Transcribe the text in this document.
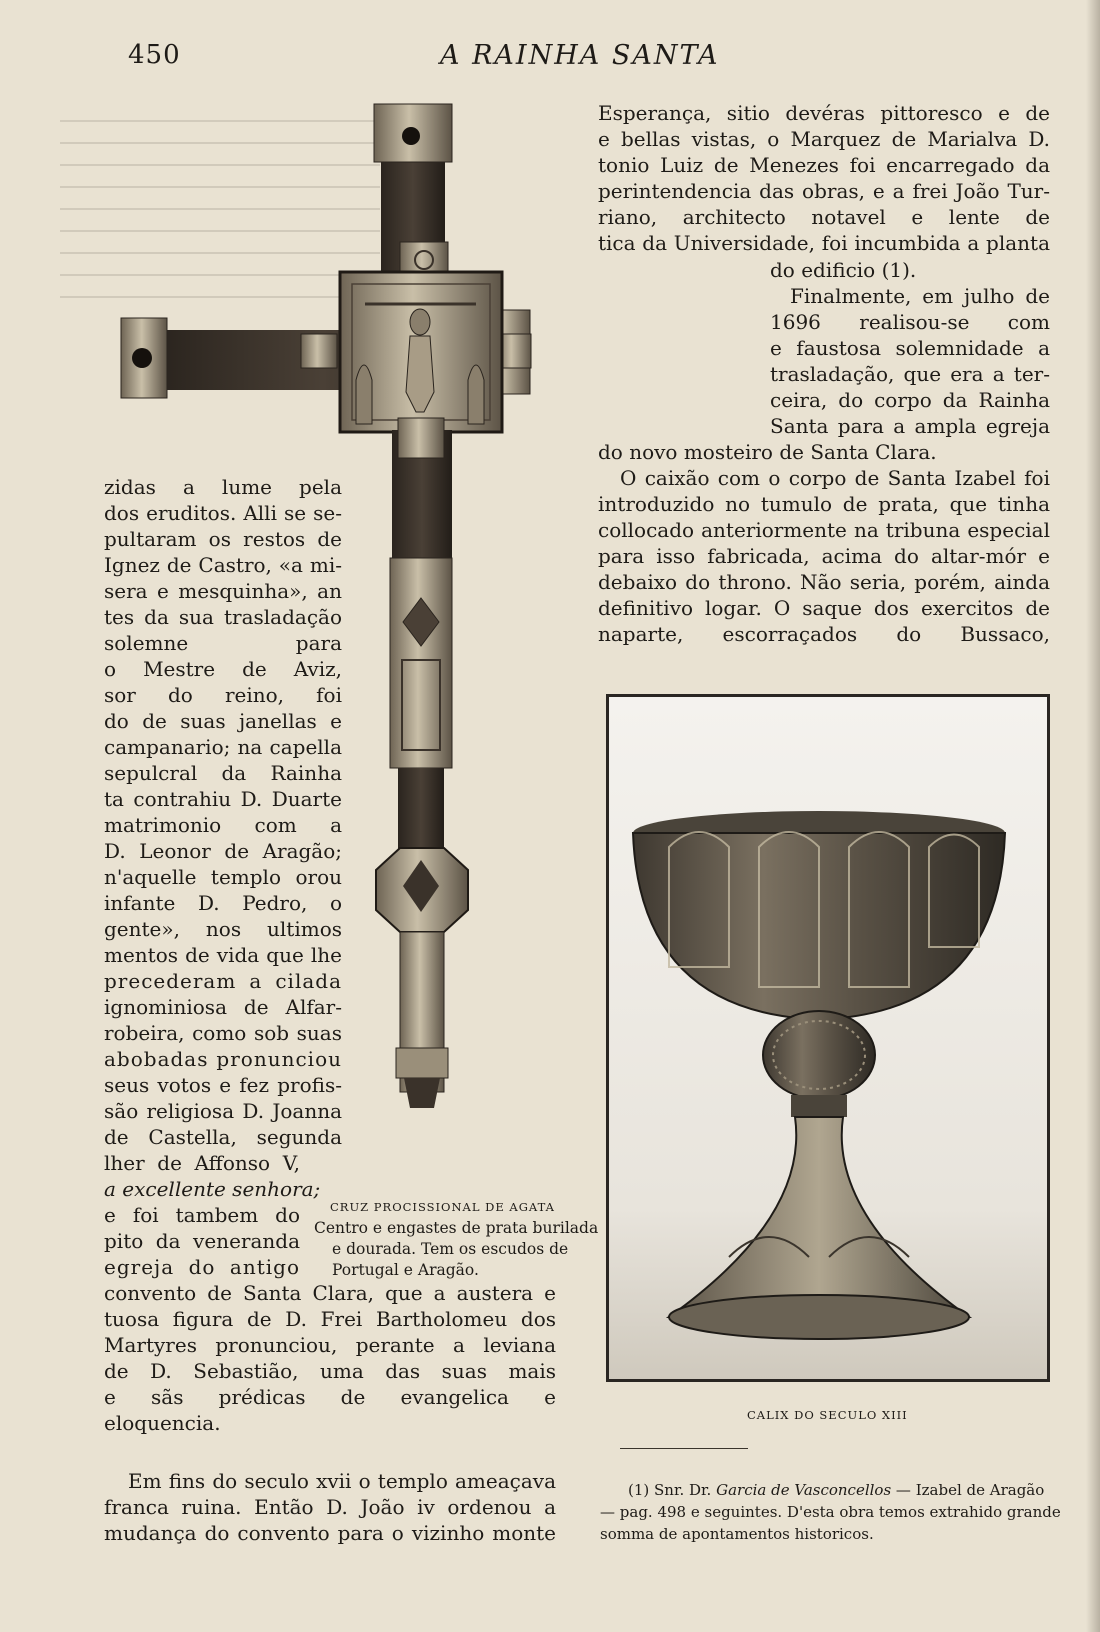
450	A RAINHA SANTA
Esperança, sitio devéras pittoresco e de
e bellas vistas, o Marquez de Marialva D.
tonio Luiz de Menezes foi encarregado da
perintendencia das obras, e a frei João Tur-
riano, architecto notavel e lente de
tica da Universidade, foi incumbida a planta
do edificio (1).
Finalmente, em julho de
1696 realisou-se com
e faustosa solemnidade a
trasladação, que era a ter-
ceira, do corpo da Rainha
Santa para a ampla egreja
do novo mosteiro de Santa Clara.
O caixão com o corpo de Santa Izabel foi
introduzido no tumulo de prata, que tinha
collocado anteriormente na tribuna especial
para isso fabricada, acima do altar-mór e
debaixo do throno. Não seria, porém, ainda
definitivo logar. O saque dos exercitos de
naparte, escorraçados do Bussaco,
CALIX DO SECULO XIII
zidas a lume pela
dos eruditos. Alli se se-
pultaram os restos de
Ignez de Castro, «a mi-
sera e mesquinha», an
tes da sua trasladação
solemne para
o Mestre de Aviz,
sor do reino, foi
do de suas janellas e
campanario; na capella
sepulcral da Rainha
ta contrahiu D. Duarte
matrimonio com a
D. Leonor de Aragão;
n'aquelle templo orou
infante D. Pedro, o
gente», nos ultimos
mentos de vida que lhe
precederam a cilada
ignominiosa de Alfar-
robeira, como sob suas
abobadas pronunciou
seus votos e fez profis-
são religiosa D. Joanna
de Castella, segunda
lher de Affonso V,
a excellente senhora;
e foi tambem do
pito da veneranda
egreja do antigo
CRUZ PROCISSIONAL DE AGATA
Centro e engastes de prata burilada
e dourada. Tem os escudos de
Portugal e Aragão.
convento de Santa Clara, que a austera e
tuosa figura de D. Frei Bartholomeu dos
Martyres pronunciou, perante a leviana
de D. Sebastião, uma das suas mais
e sãs prédicas de evangelica e
eloquencia.
Em fins do seculo xvii o templo ameaçava
franca ruina. Então D. João iv ordenou a
mudança do convento para o vizinho monte
(1) Snr. Dr. Garcia de Vasconcellos — Izabel de Aragão
— pag. 498 e seguintes. D'esta obra temos extrahido grande
somma de apontamentos historicos.
